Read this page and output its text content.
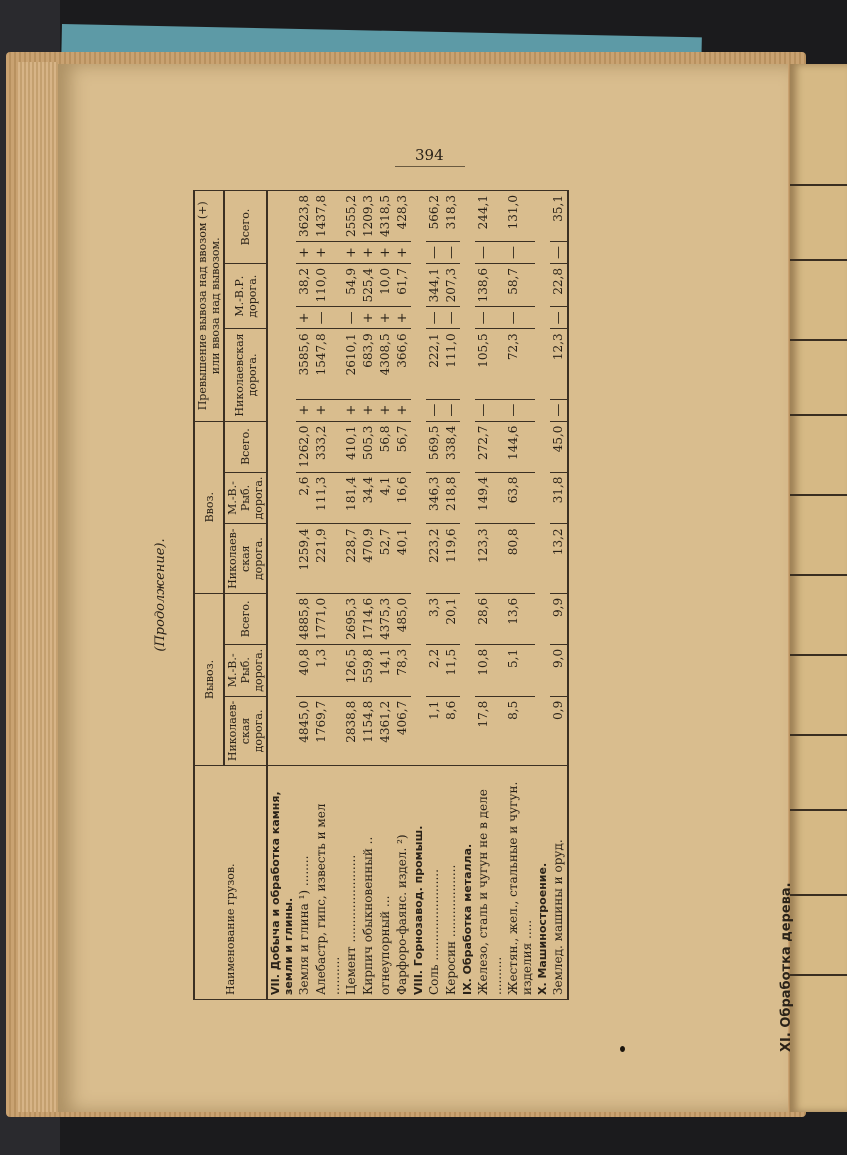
XI. Обработка дерева.
394
(Продолжение).
Наименование грузов.	Вывоз.			Ввоз.			Превышение вывоза над ввозом (+) или ввоза над вывозом.					
	Николаев-ская дорога.	М.-В.-Рыб. дорога.	Всего.	Николаев-ская дорога.	М.-В.-Рыб. дорога.	Всего.	Николаевская дорога.		М.-В.Р. дорога.		Всего.	
VII. Добыча и обработка камня, земли и глины.												
Земля и глина ¹) ........	4845,0	40,8	4885,8	1259,4	2,6	1262,0	+	3585,6	+	38,2	+	3623,8
Алебастр, гипс, известь и мел ..........	1769,7	1,3	1771,0	221,9	111,3	333,2	+	1547,8	—	110,0	+	1437,8
Цемент .......................	2838,8	126,5	2695,3	228,7	181,4	410,1	+	2610,1	—	54,9	+	2555,2
Кирпич обыкновенный ..	1154,8	559,8	1714,6	470,9	34,4	505,3	+	683,9	+	525,4	+	1209,3
огнеупорный ...	4361,2	14,1	4375,3	52,7	4,1	56,8	+	4308,5	+	10,0	+	4318,5
Фарфоро-фаянс. издел. ²)	406,7	78,3	485,0	40,1	16,6	56,7	+	366,6	+	61,7	+	428,3
VIII. Горнозавод. промыш.												
Соль ........................	1,1	2,2	3,3	223,2	346,3	569,5	—	222,1	—	344,1	—	566,2
Керосин ...................	8,6	11,5	20,1	119,6	218,8	338,4	—	111,0	—	207,3	—	318,3
IX. Обработка металла.												
Железо, сталь и чугун не в деле ..........	17,8	10,8	28,6	123,3	149,4	272,7	—	105,5	—	138,6	—	244,1
Жестян., жел., стальные и чугун. изделия .....	8,5	5,1	13,6	80,8	63,8	144,6	—	72,3	—	58,7	—	131,0
X. Машиностроение.												
Землед. машины и оруд.	0,9	9,0	9,9	13,2	31,8	45,0	—	12,3	—	22,8	—	35,1
